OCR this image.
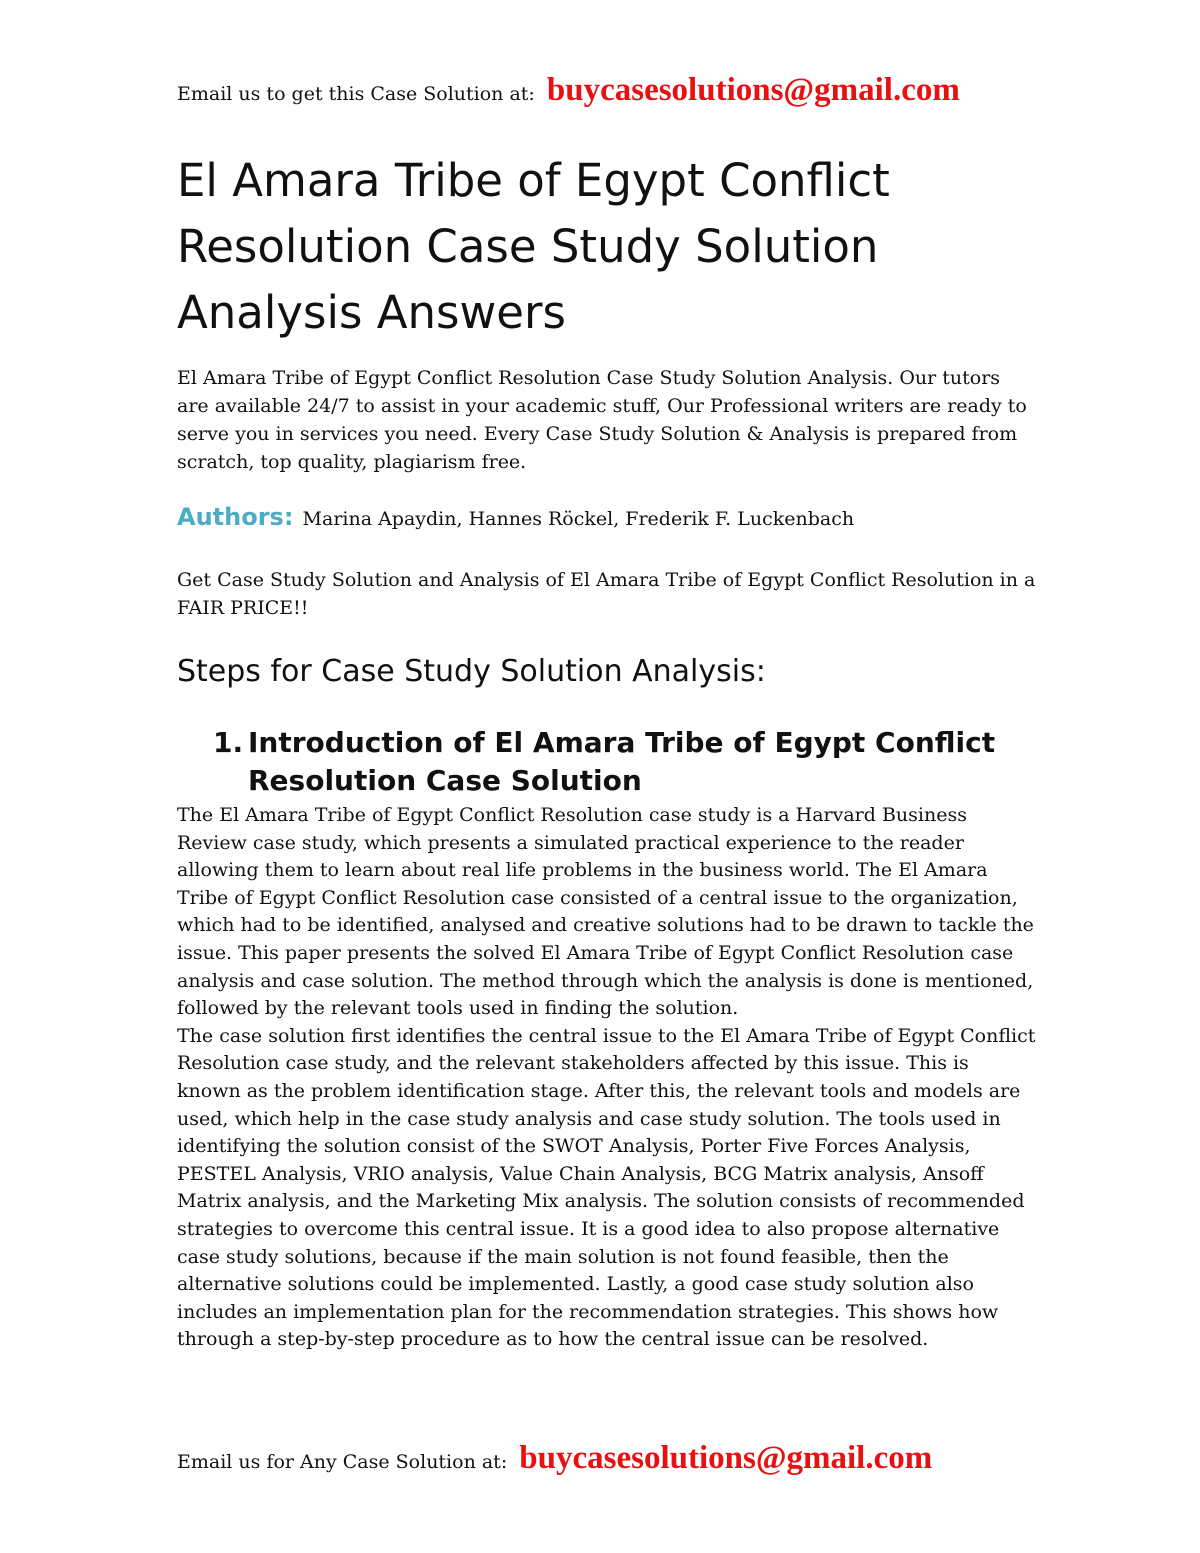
Email us to get this Case Solution at: buycasesolutions@gmail.com
El Amara Tribe of Egypt Conflict Resolution Case Study Solution Analysis Answers

El Amara Tribe of Egypt Conflict Resolution Case Study Solution Analysis. Our tutors are available 24/7 to assist in your academic stuff, Our Professional writers are ready to serve you in services you need. Every Case Study Solution & Analysis is prepared from scratch, top quality, plagiarism free.

Authors: Marina Apaydin, Hannes Röckel, Frederik F. Luckenbach

Get Case Study Solution and Analysis of El Amara Tribe of Egypt Conflict Resolution in a FAIR PRICE!!

Steps for Case Study Solution Analysis:
1. Introduction of El Amara Tribe of Egypt Conflict Resolution Case Solution

The El Amara Tribe of Egypt Conflict Resolution case study is a Harvard Business Review case study, which presents a simulated practical experience to the reader allowing them to learn about real life problems in the business world. The El Amara Tribe of Egypt Conflict Resolution case consisted of a central issue to the organization, which had to be identified, analysed and creative solutions had to be drawn to tackle the issue. This paper presents the solved El Amara Tribe of Egypt Conflict Resolution case analysis and case solution. The method through which the analysis is done is mentioned, followed by the relevant tools used in finding the solution.

The case solution first identifies the central issue to the El Amara Tribe of Egypt Conflict Resolution case study, and the relevant stakeholders affected by this issue. This is known as the problem identification stage. After this, the relevant tools and models are used, which help in the case study analysis and case study solution. The tools used in identifying the solution consist of the SWOT Analysis, Porter Five Forces Analysis, PESTEL Analysis, VRIO analysis, Value Chain Analysis, BCG Matrix analysis, Ansoff Matrix analysis, and the Marketing Mix analysis. The solution consists of recommended strategies to overcome this central issue. It is a good idea to also propose alternative case study solutions, because if the main solution is not found feasible, then the alternative solutions could be implemented. Lastly, a good case study solution also includes an implementation plan for the recommendation strategies. This shows how through a step-by-step procedure as to how the central issue can be resolved.

Email us for Any Case Solution at: buycasesolutions@gmail.com
